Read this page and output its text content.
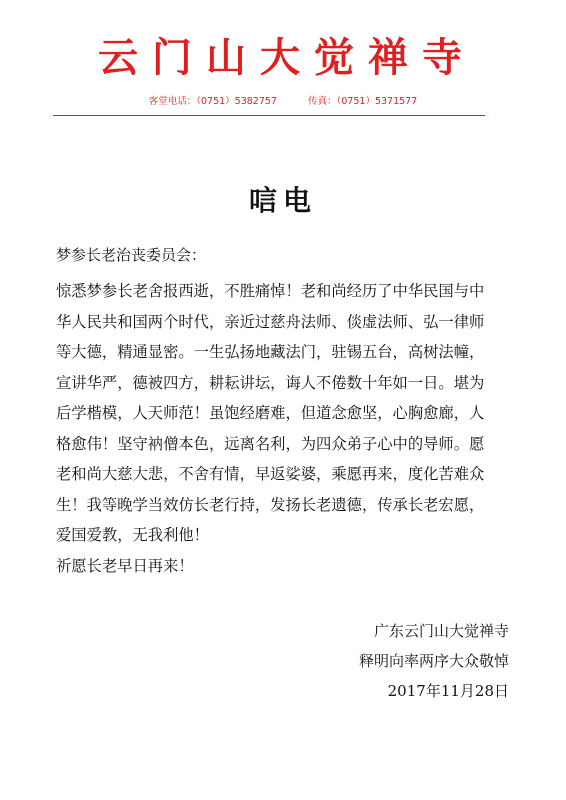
云门山大觉禅寺
客堂电话：（0751）5382757	传真：（0751）5371577
唁电
梦参长老治丧委员会：
惊悉梦参长老舍报西逝，不胜痛悼！老和尚经历了中华民国与中
华人民共和国两个时代，亲近过慈舟法师、倓虚法师、弘一律师
等大德，精通显密。一生弘扬地藏法门，驻锡五台，高树法幢，
宣讲华严，德被四方，耕耘讲坛，诲人不倦数十年如一日。堪为
后学楷模，人天师范！虽饱经磨难，但道念愈坚，心胸愈廊，人
格愈伟！坚守衲僧本色，远离名利，为四众弟子心中的导师。愿
老和尚大慈大悲，不舍有情，早返娑婆，乘愿再来，度化苦难众
生！我等晚学当效仿长老行持，发扬长老遗德，传承长老宏愿，
爱国爱教，无我利他！
祈愿长老早日再来！
广东云门山大觉禅寺
释明向率两序大众敬悼
2017年11月28日
